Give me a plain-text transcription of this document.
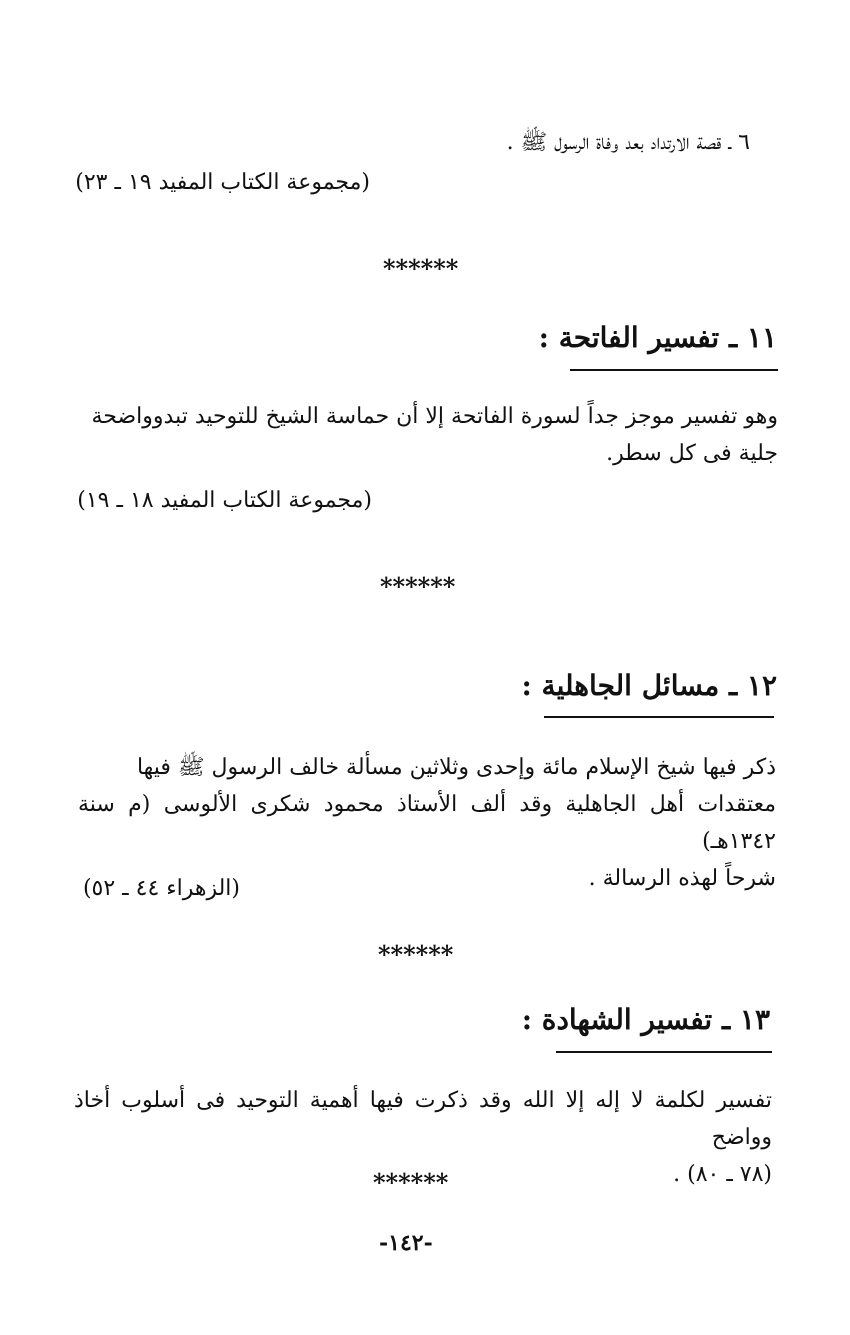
٦ ـ قصة الارتداد بعد وفاة الرسول ﷺ .
(مجموعة الكتاب المفيد ١٩ ـ ٢٣)
******
١١ ـ تفسير الفاتحة :
وهو تفسير موجز جداً لسورة الفاتحة إلا أن حماسة الشيخ للتوحيد تبدوواضحة
جلية فى كل سطر.
(مجموعة الكتاب المفيد ١٨ ـ ١٩)
******
١٢ ـ مسائل الجاهلية :
ذكر فيها شيخ الإسلام مائة وإحدى وثلاثين مسألة خالف الرسول ﷺ فيها
معتقدات أهل الجاهلية وقد ألف الأستاذ محمود شكرى الألوسى (م سنة ١٣٤٢هـ)
شرحاً لهذه الرسالة .
(الزهراء ٤٤ ـ ٥٢)
******
١٣ ـ تفسير الشهادة :
تفسير لكلمة لا إله إلا الله وقد ذكرت فيها أهمية التوحيد فى أسلوب أخاذ وواضح
(٧٨ ـ ٨٠) .
******
-١٤٢-
